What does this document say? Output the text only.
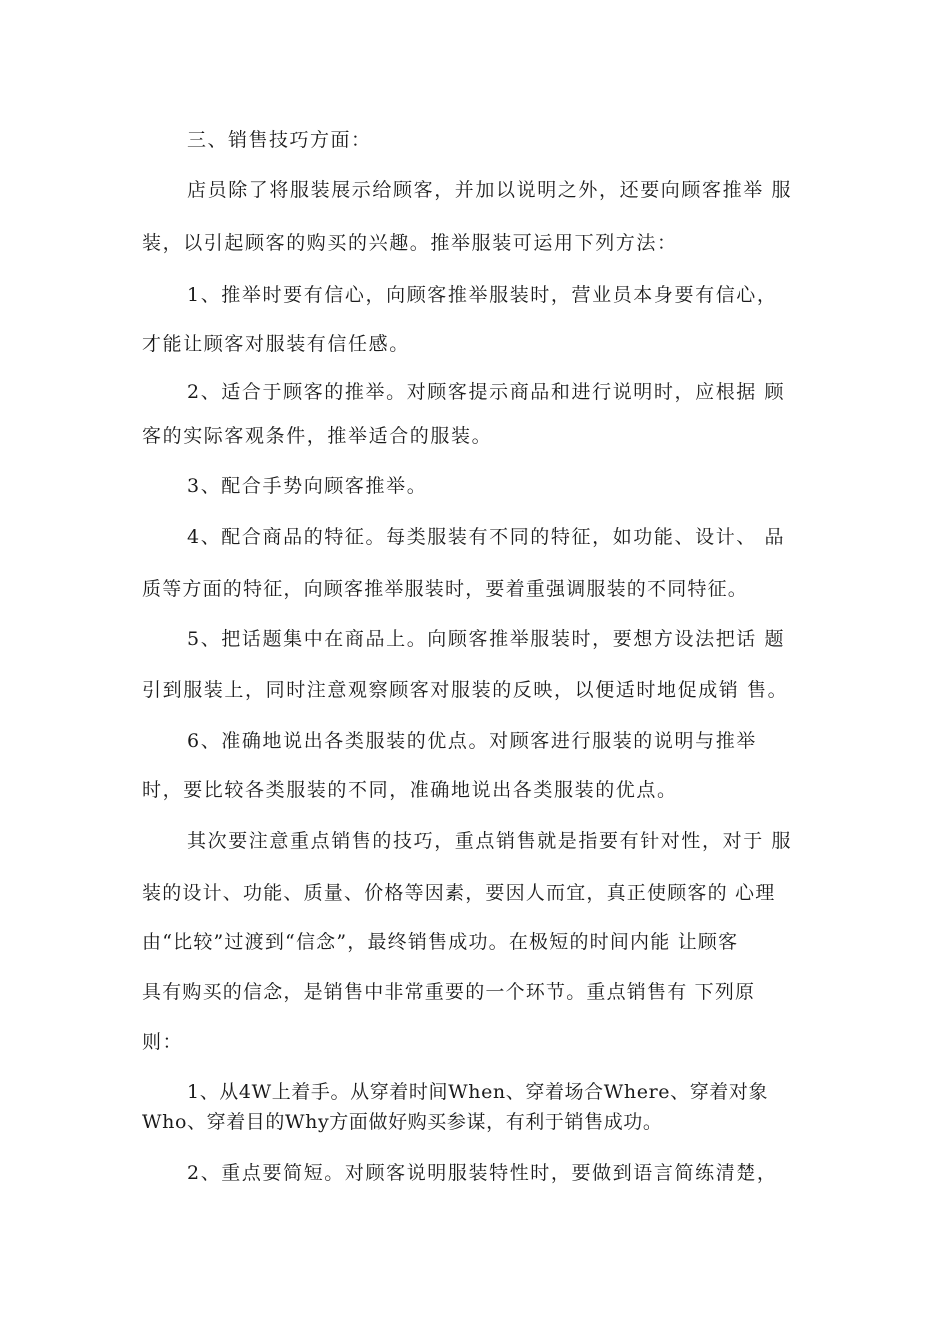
三、销售技巧方面：

店员除了将服装展示给顾客，并加以说明之外，还要向顾客推举 服

装，以引起顾客的购买的兴趣。推举服装可运用下列方法：

1、推举时要有信心，向顾客推举服装时，营业员本身要有信心，

才能让顾客对服装有信任感。

2、适合于顾客的推举。对顾客提示商品和进行说明时，应根据 顾

客的实际客观条件，推举适合的服装。

3、配合手势向顾客推举。

4、配合商品的特征。每类服装有不同的特征，如功能、设计、 品

质等方面的特征，向顾客推举服装时，要着重强调服装的不同特征。

5、把话题集中在商品上。向顾客推举服装时，要想方设法把话 题

引到服装上，同时注意观察顾客对服装的反映，以便适时地促成销 售。

6、准确地说出各类服装的优点。对顾客进行服装的说明与推举

时，要比较各类服装的不同，准确地说出各类服装的优点。

其次要注意重点销售的技巧，重点销售就是指要有针对性，对于 服

装的设计、功能、质量、价格等因素，要因人而宜，真正使顾客的 心理

由“比较”过渡到“信念”，最终销售成功。在极短的时间内能 让顾客

具有购买的信念，是销售中非常重要的一个环节。重点销售有 下列原

则：

1、从4W上着手。从穿着时间When、穿着场合Where、穿着对象

Who、穿着目的Why方面做好购买参谋，有利于销售成功。

2、重点要简短。对顾客说明服装特性时，要做到语言简练清楚，
